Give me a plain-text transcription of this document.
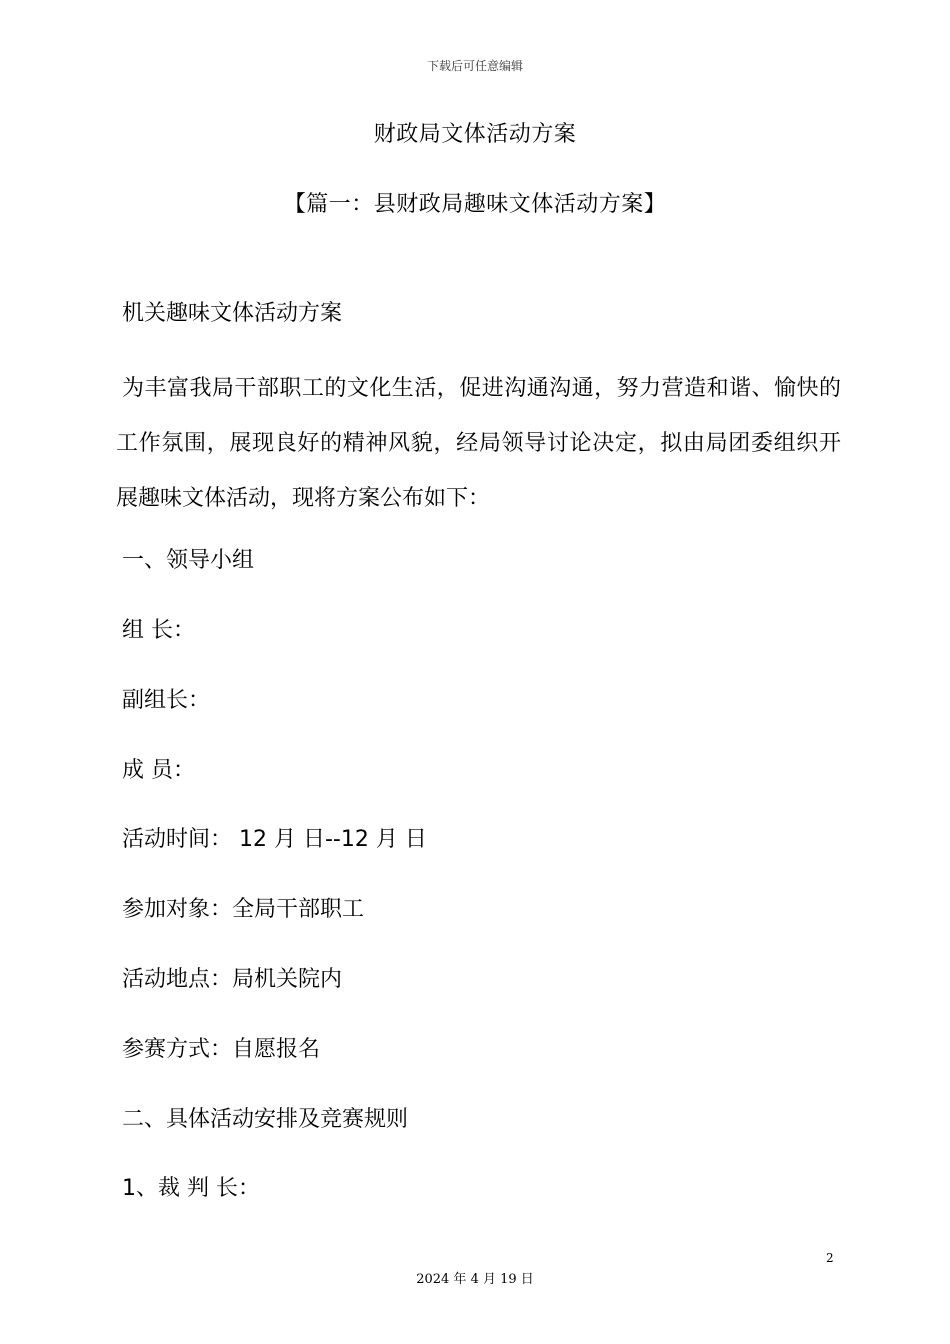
下载后可任意编辑
财政局文体活动方案
【篇一：县财政局趣味文体活动方案】
机关趣味文体活动方案

为丰富我局干部职工的文化生活，促进沟通沟通，努力营造和谐、愉快的工作氛围，展现良好的精神风貌，经局领导讨论决定，拟由局团委组织开展趣味文体活动，现将方案公布如下：

一、领导小组
组 长：
副组长：
成 员：
活动时间： 12 月 日--12 月 日
参加对象：全局干部职工
活动地点：局机关院内
参赛方式：自愿报名
二、具体活动安排及竞赛规则
1、裁 判 长：
2
2024 年 4 月 19 日
